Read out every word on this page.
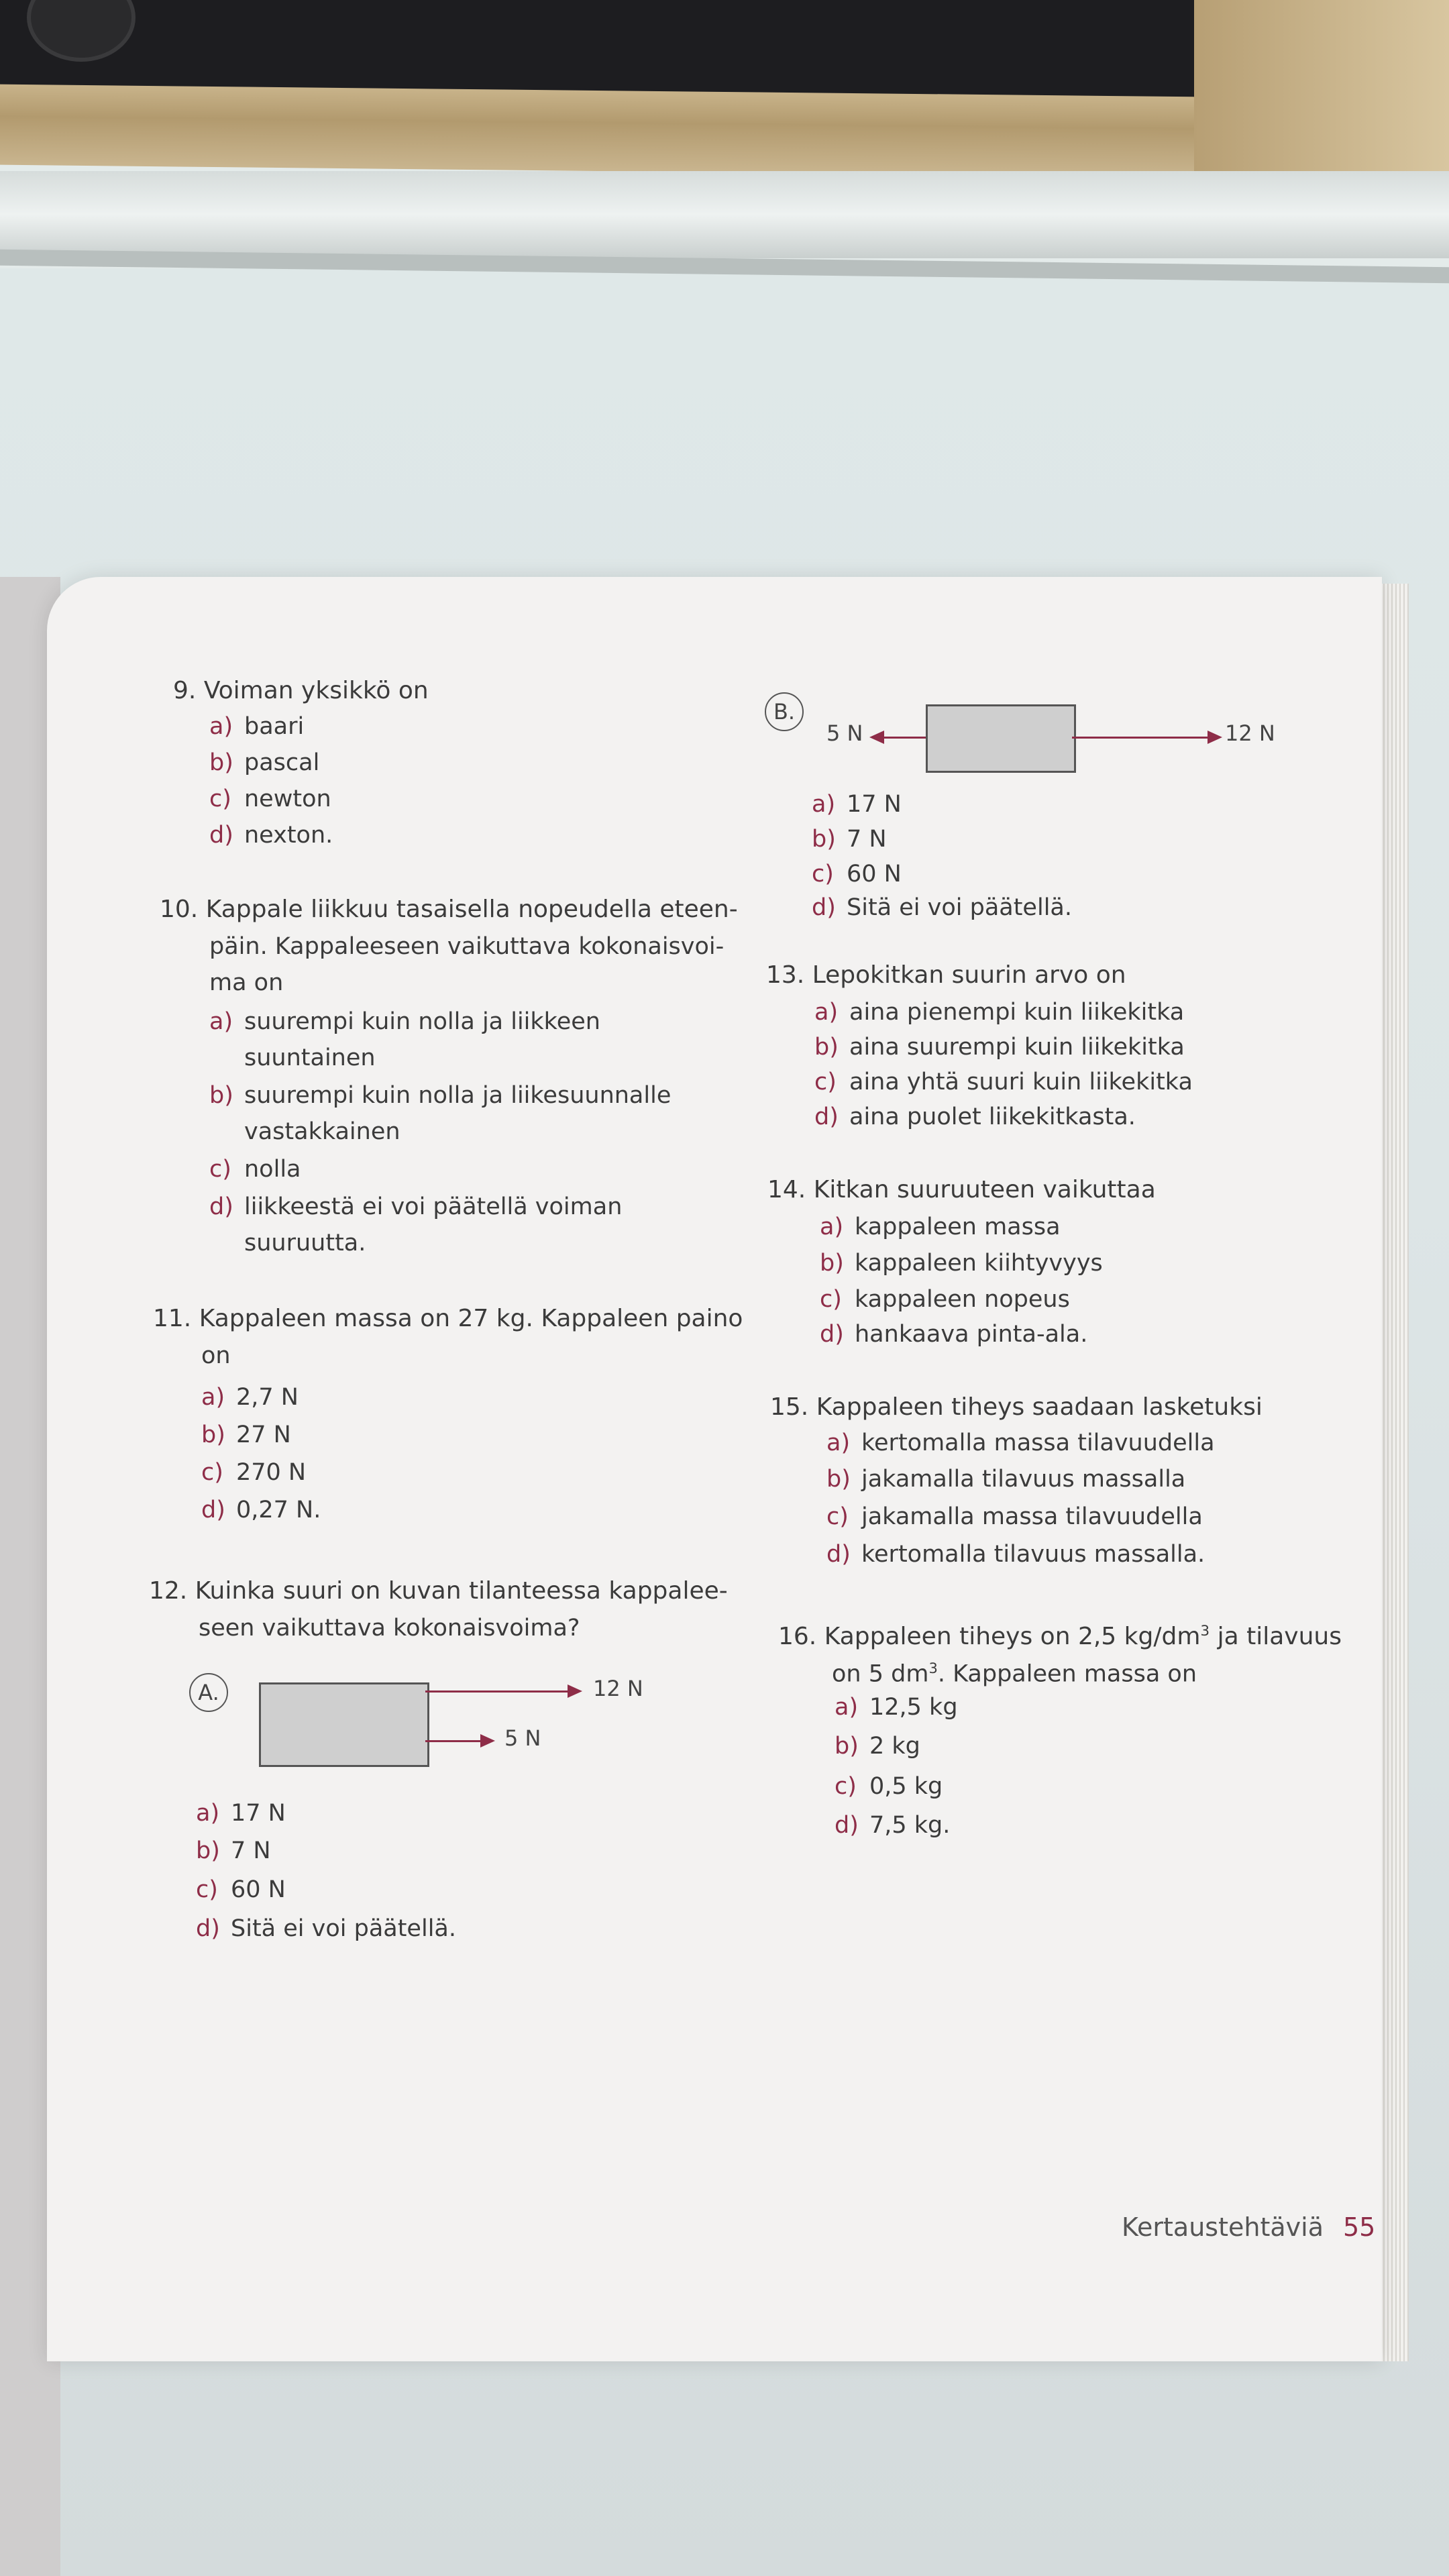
9. Voiman yksikkö on
a) baari
b) pascal
c) newton
d) nexton.
10. Kappale liikkuu tasaisella nopeudella eteen-
päin. Kappaleeseen vaikuttava kokonaisvoi-
ma on
a) suurempi kuin nolla ja liikkeen
suuntainen
b) suurempi kuin nolla ja liikesuunnalle
vastakkainen
c) nolla
d) liikkeestä ei voi päätellä voiman
suuruutta.
11. Kappaleen massa on 27 kg. Kappaleen paino
on
a) 2,7 N
b) 27 N
c) 270 N
d) 0,27 N.
12. Kuinka suuri on kuvan tilanteessa kappalee-
seen vaikuttava kokonaisvoima?
A.	12 N
5 N
a) 17 N
b) 7 N
c) 60 N
d) Sitä ei voi päätellä.
B.
5 N	12 N
a) 17 N
b) 7 N
c) 60 N
d) Sitä ei voi päätellä.
13. Lepokitkan suurin arvo on
a) aina pienempi kuin liikekitka
b) aina suurempi kuin liikekitka
c) aina yhtä suuri kuin liikekitka
d) aina puolet liikekitkasta.
14. Kitkan suuruuteen vaikuttaa
a) kappaleen massa
b) kappaleen kiihtyvyys
c) kappaleen nopeus
d) hankaava pinta-ala.
15. Kappaleen tiheys saadaan lasketuksi
a) kertomalla massa tilavuudella
b) jakamalla tilavuus massalla
c) jakamalla massa tilavuudella
d) kertomalla tilavuus massalla.
16. Kappaleen tiheys on 2,5 $kg/dm^3$ ja tilavuus
on 5 $dm^3$. Kappaleen massa on
a) 12,5 kg
b) 2 kg
c) 0,5 kg
d) 7,5 kg.
Kertaustehtäviä 55
